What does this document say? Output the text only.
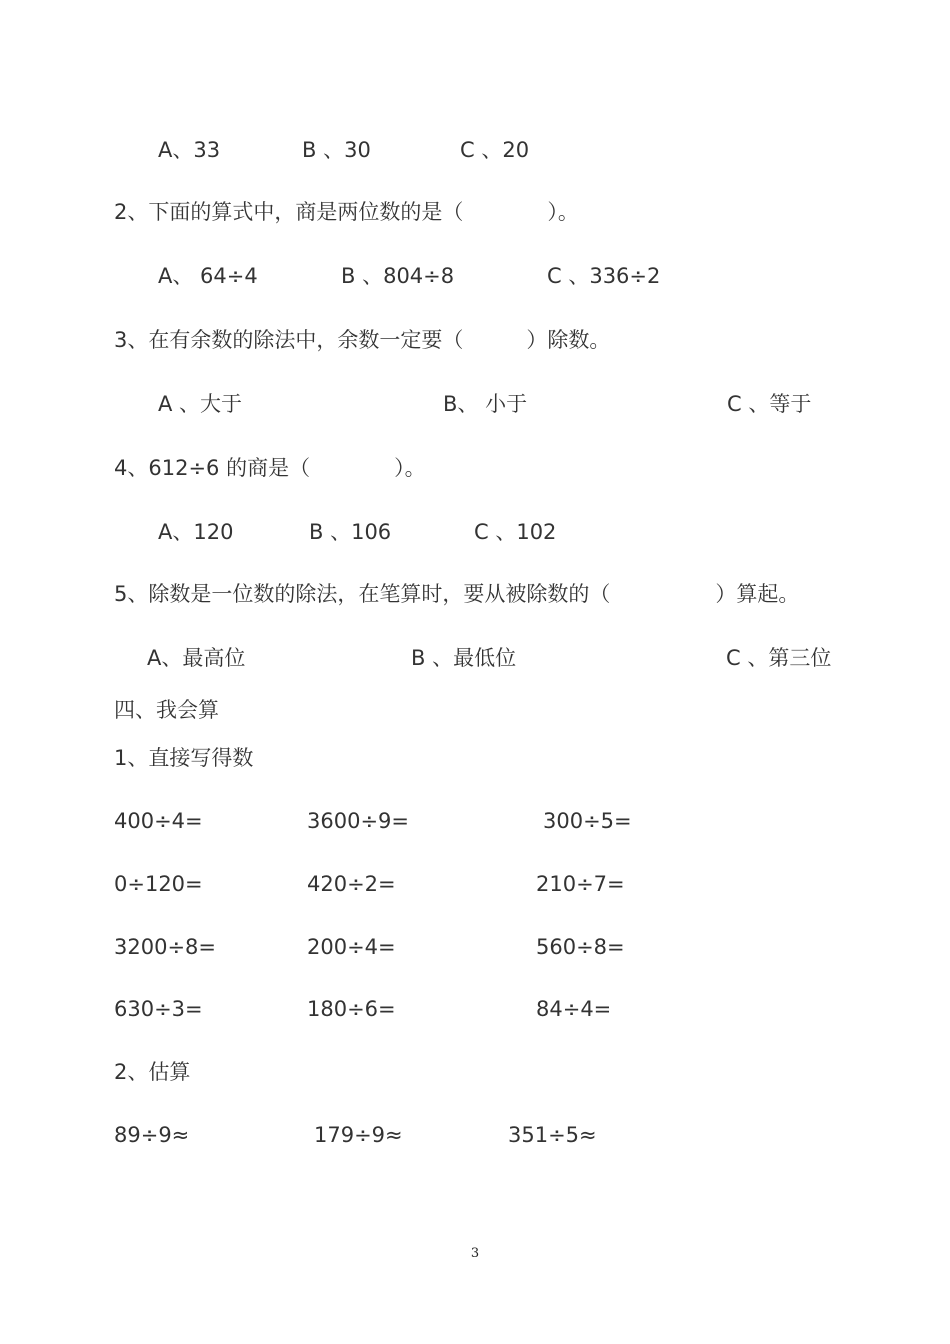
A、33	B 、30	C 、20
2、下面的算式中，商是两位数的是（　　　　）。
A、 64÷4	B 、804÷8	C 、336÷2
3、在有余数的除法中，余数一定要（　　　）除数。
A 、大于	B、 小于	C 、等于
4、612÷6 的商是（　　　　）。
A、120	B 、106	C 、102
5、除数是一位数的除法，在笔算时，要从被除数的（　　　　　）算起。
A、最高位	B 、最低位	C 、第三位
四、我会算
1、直接写得数
400÷4=	3600÷9=	300÷5=
0÷120=	420÷2=	210÷7=
3200÷8=	200÷4=	560÷8=
630÷3=	180÷6=	84÷4=
2、估算
89÷9≈	179÷9≈	351÷5≈
3
